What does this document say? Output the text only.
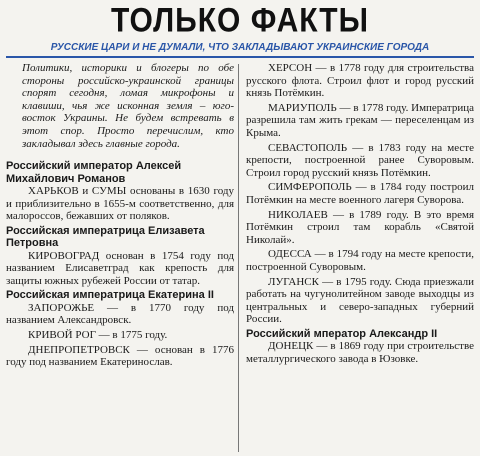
ТОЛЬКО ФАКТЫ
РУССКИЕ ЦАРИ И НЕ ДУМАЛИ, ЧТО ЗАКЛАДЫВАЮТ УКРАИНСКИЕ ГОРОДА

Политики, историки и блогеры по обе стороны российско-украинской границы спорят сегодня, ломая микрофоны и клавиши, чья же исконная земля – юго-восток Украины. Не будем встревать в этот спор. Просто перечислим, кто закладывал здесь главные города.

Российский император Алексей Михайлович Романов

ХАРЬКОВ и СУМЫ основаны в 1630 году и приблизительно в 1655-м соответственно, для малороссов, бежавших от поляков.

Российская императрица Елизавета Петровна

КИРОВОГРАД основан в 1754 году под названием Елисаветград как крепость для защиты южных рубежей России от татар.

Российская императрица Екатерина II

ЗАПОРОЖЬЕ — в 1770 году под названием Александровск.

КРИВОЙ РОГ — в 1775 году.

ДНЕПРОПЕТРОВСК — основан в 1776 году под названием Екатеринослав.

ХЕРСОН — в 1778 году для строительства русского флота. Строил флот и город русский князь Потёмкин.

МАРИУПОЛЬ — в 1778 году. Императрица разрешила там жить грекам — переселенцам из Крыма.

СЕВАСТОПОЛЬ — в 1783 году на месте крепости, построенной ранее Суворовым. Строил город русский князь Потёмкин.

СИМФЕРОПОЛЬ — в 1784 году построил Потёмкин на месте военного лагеря Суворова.

НИКОЛАЕВ — в 1789 году. В это время Потёмкин строил там корабль «Святой Николай».

ОДЕССА — в 1794 году на месте крепости, построенной Суворовым.

ЛУГАНСК — в 1795 году. Сюда приезжали работать на чугунолитейном заводе выходцы из центральных и северо-западных губерний России.

Российский мператор Александр II

ДОНЕЦК — в 1869 году при строительстве металлургического завода в Юзовке.
